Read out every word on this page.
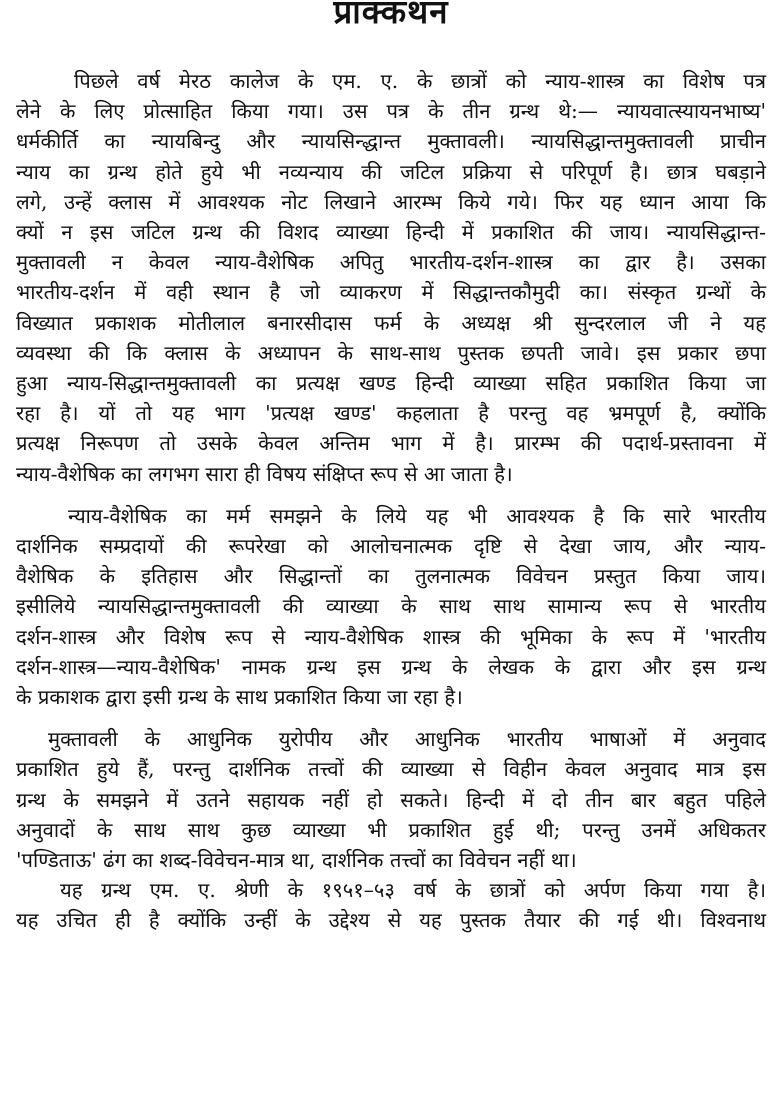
प्राक्कथन
पिछले वर्ष मेरठ कालेज के एम. ए. के छात्रों को न्याय-शास्त्र का विशेष पत्र
लेने के लिए प्रोत्साहित किया गया। उस पत्र के तीन ग्रन्थ थे:— न्यायवात्स्यायनभाष्य'
धर्मकीर्ति का न्यायबिन्दु और न्यायसिन्द्धान्त मुक्तावली। न्यायसिद्धान्तमुक्तावली प्राचीन
न्याय का ग्रन्थ होते हुये भी नव्यन्याय की जटिल प्रक्रिया से परिपूर्ण है। छात्र घबड़ाने
लगे, उन्हें क्लास में आवश्यक नोट लिखाने आरम्भ किये गये। फिर यह ध्यान आया कि
क्यों न इस जटिल ग्रन्थ की विशद व्याख्या हिन्दी में प्रकाशित की जाय। न्यायसिद्धान्त-
मुक्तावली न केवल न्याय-वैशेषिक अपितु भारतीय-दर्शन-शास्त्र का द्वार है। उसका
भारतीय-दर्शन में वही स्थान है जो व्याकरण में सिद्धान्तकौमुदी का। संस्कृत ग्रन्थों के
विख्यात प्रकाशक मोतीलाल बनारसीदास फर्म के अध्यक्ष श्री सुन्दरलाल जी ने यह
व्यवस्था की कि क्लास के अध्यापन के साथ-साथ पुस्तक छपती जावे। इस प्रकार छपा
हुआ न्याय-सिद्धान्तमुक्तावली का प्रत्यक्ष खण्ड हिन्दी व्याख्या सहित प्रकाशित किया जा
रहा है। यों तो यह भाग 'प्रत्यक्ष खण्ड' कहलाता है परन्तु वह भ्रमपूर्ण है, क्योंकि
प्रत्यक्ष निरूपण तो उसके केवल अन्तिम भाग में है। प्रारम्भ की पदार्थ-प्रस्तावना में
न्याय-वैशेषिक का लगभग सारा ही विषय संक्षिप्त रूप से आ जाता है।
न्याय-वैशेषिक का मर्म समझने के लिये यह भी आवश्यक है कि सारे भारतीय
दार्शनिक सम्प्रदायों की रूपरेखा को आलोचनात्मक दृष्टि से देखा जाय, और न्याय-
वैशेषिक के इतिहास और सिद्धान्तों का तुलनात्मक विवेचन प्रस्तुत किया जाय।
इसीलिये न्यायसिद्धान्तमुक्तावली की व्याख्या के साथ साथ सामान्य रूप से भारतीय
दर्शन-शास्त्र और विशेष रूप से न्याय-वैशेषिक शास्त्र की भूमिका के रूप में 'भारतीय
दर्शन-शास्त्र—न्याय-वैशेषिक' नामक ग्रन्थ इस ग्रन्थ के लेखक के द्वारा और इस ग्रन्थ
के प्रकाशक द्वारा इसी ग्रन्थ के साथ प्रकाशित किया जा रहा है।
मुक्तावली के आधुनिक युरोपीय और आधुनिक भारतीय भाषाओं में अनुवाद
प्रकाशित हुये हैं, परन्तु दार्शनिक तत्त्वों की व्याख्या से विहीन केवल अनुवाद मात्र इस
ग्रन्थ के समझने में उतने सहायक नहीं हो सकते। हिन्दी में दो तीन बार बहुत पहिले
अनुवादों के साथ साथ कुछ व्याख्या भी प्रकाशित हुई थी; परन्तु उनमें अधिकतर
'पण्डिताऊ' ढंग का शब्द-विवेचन-मात्र था, दार्शनिक तत्त्वों का विवेचन नहीं था।
यह ग्रन्थ एम. ए. श्रेणी के १९५१–५३ वर्ष के छात्रों को अर्पण किया गया है।
यह उचित ही है क्योंकि उन्हीं के उद्देश्य से यह पुस्तक तैयार की गई थी। विश्वनाथ
